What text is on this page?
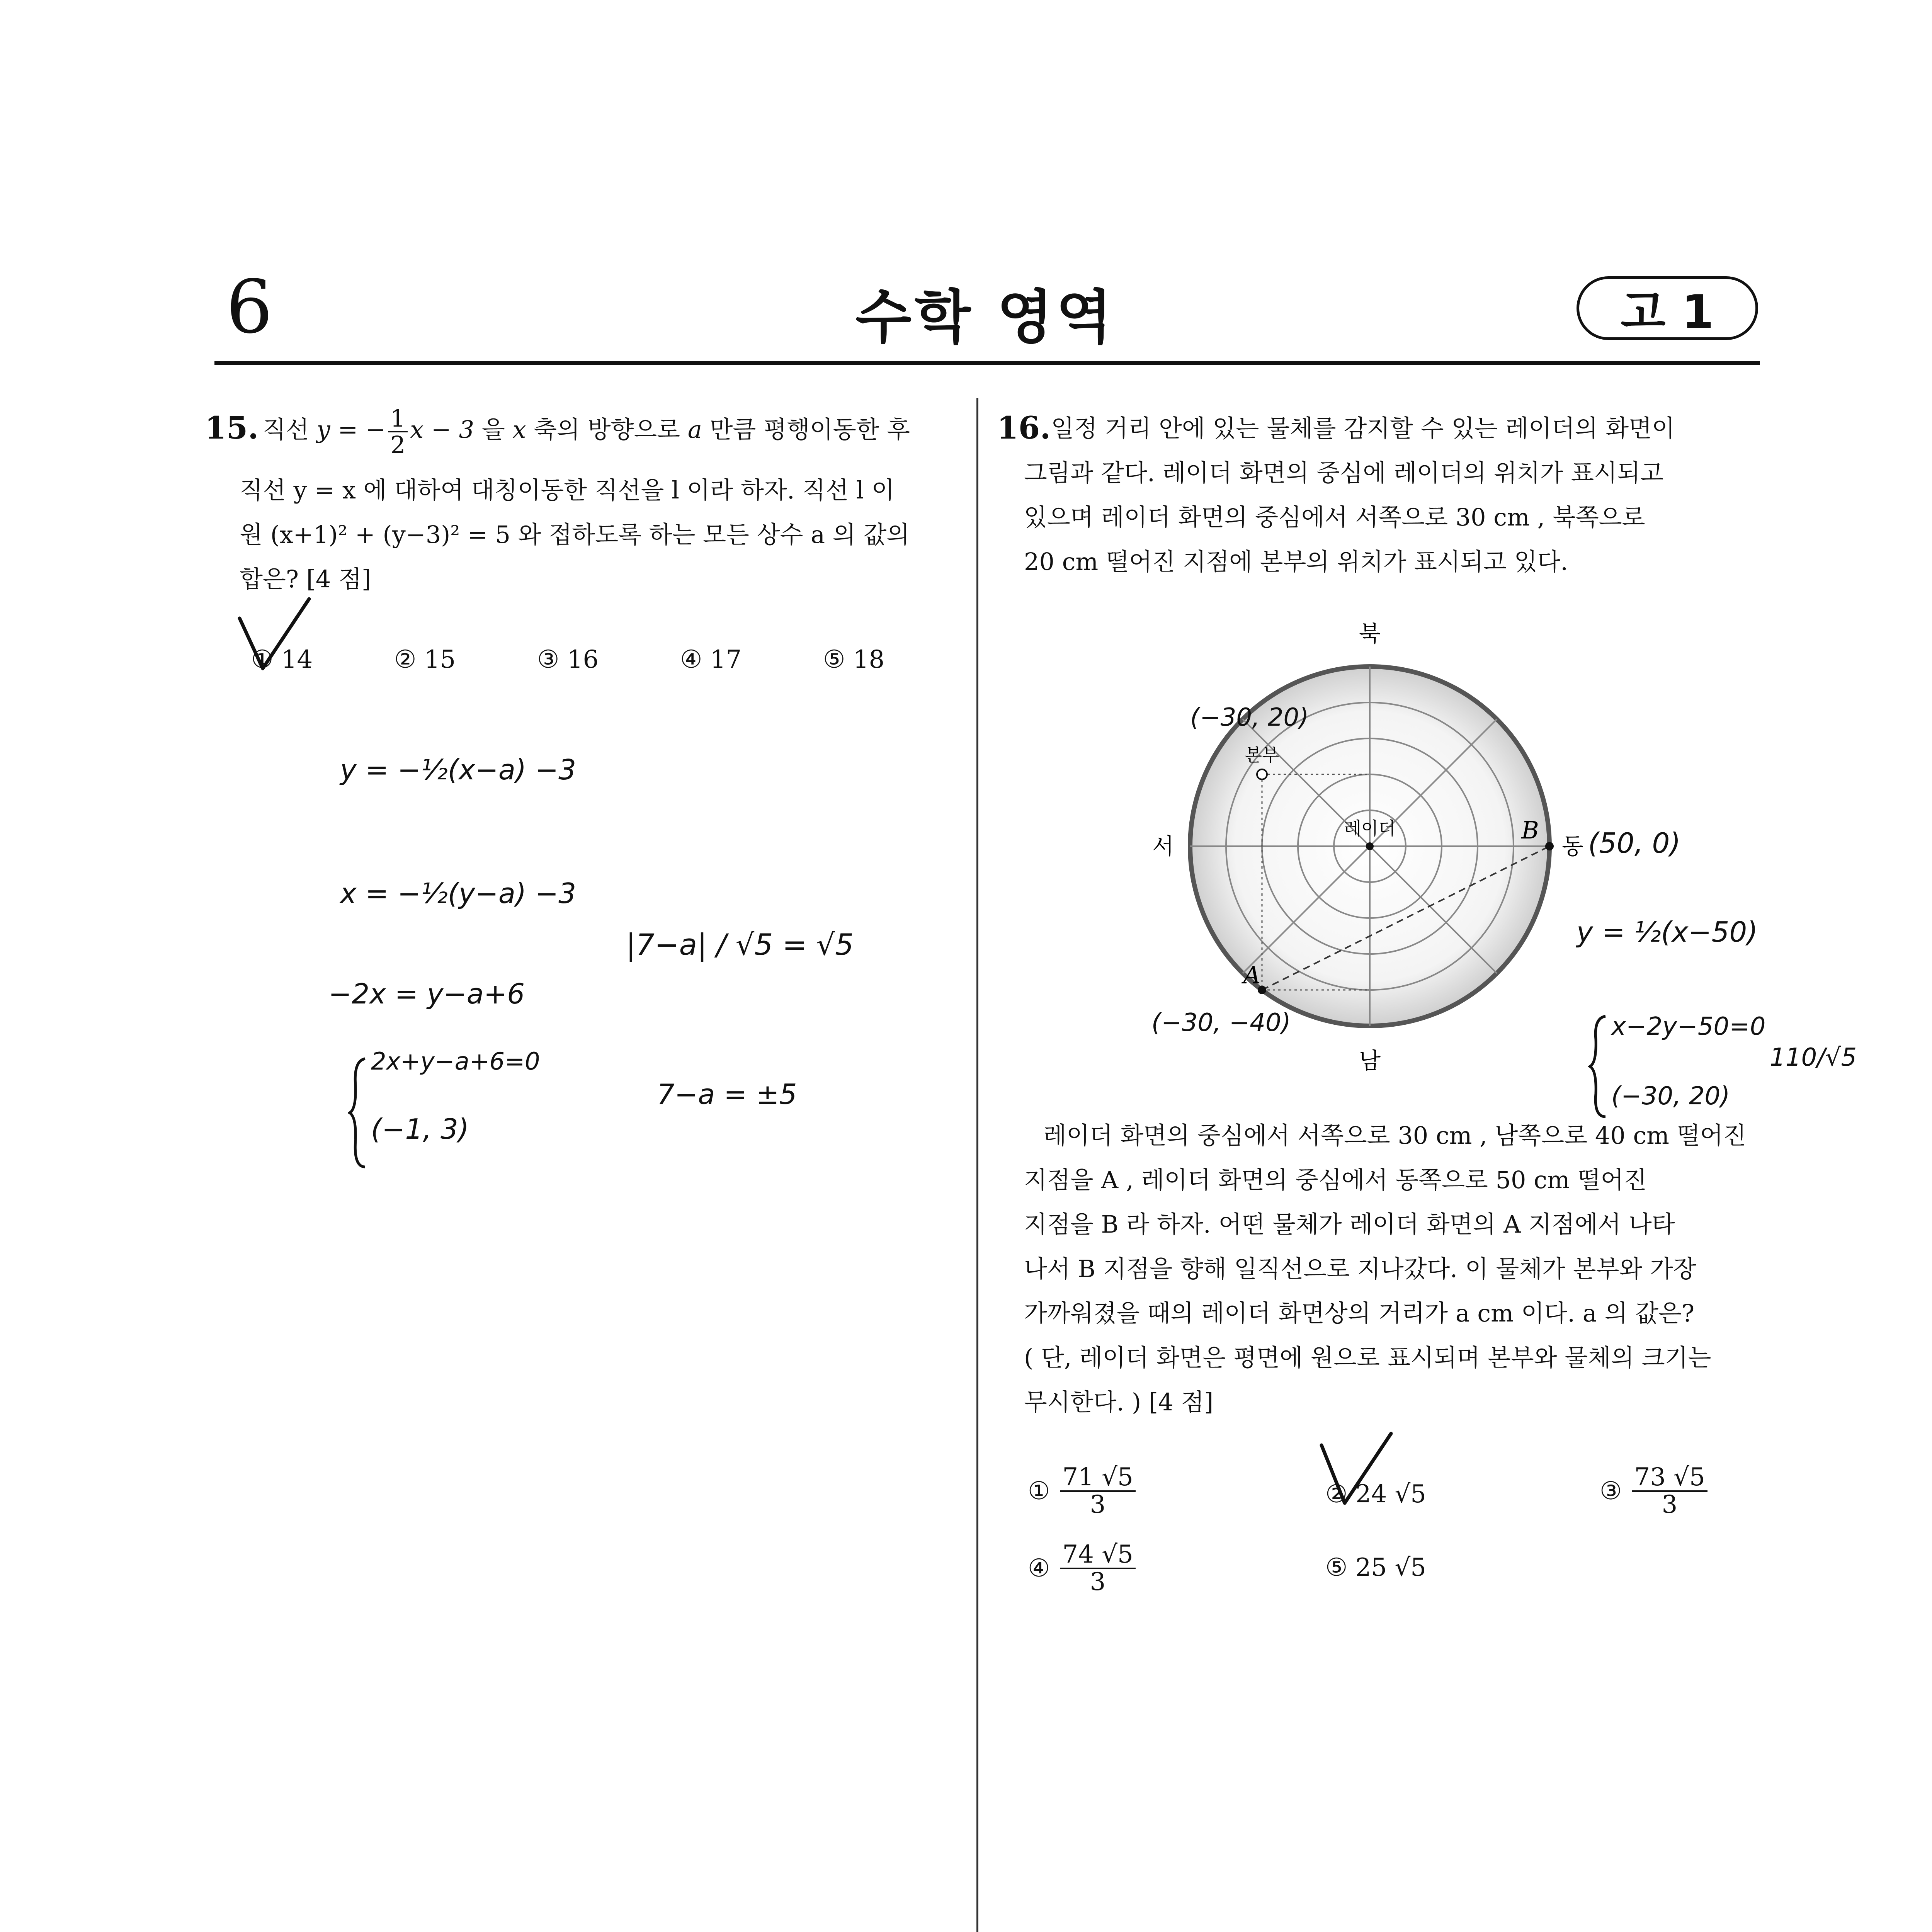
6	수학 영역	고 1
15. 직선 y = − $\frac{1}{2}$ x − 3 을 x 축의 방향으로 a 만큼 평행이동한 후
직선 y = x 에 대하여 대칭이동한 직선을 l 이라 하자. 직선 l 이
원 (x+1)² + (y−3)² = 5 와 접하도록 하는 모든 상수 a 의 값의
합은? [4 점]
① 14	② 15	③ 16	④ 17	⑤ 18
y = −½(x−a) −3
x = −½(y−a) −3
−2x = y−a+6
2x+y−a+6=0
(−1, 3)
|7−a| / √5 = √5
7−a = ±5
16. 일정 거리 안에 있는 물체를 감지할 수 있는 레이더의 화면이
그림과 같다. 레이더 화면의 중심에 레이더의 위치가 표시되고
있으며 레이더 화면의 중심에서 서쪽으로 30 cm , 북쪽으로
20 cm 떨어진 지점에 본부의 위치가 표시되고 있다.
북
남
서	동
레이더
본부
A
B
(−30, 20)
(50, 0)
(−30, −40)
y = ½(x−50)
x−2y−50=0
(−30, 20)
110/√5
레이더 화면의 중심에서 서쪽으로 30 cm , 남쪽으로 40 cm 떨어진
지점을 A , 레이더 화면의 중심에서 동쪽으로 50 cm 떨어진
지점을 B 라 하자. 어떤 물체가 레이더 화면의 A 지점에서 나타
나서 B 지점을 향해 일직선으로 지나갔다. 이 물체가 본부와 가장
가까워졌을 때의 레이더 화면상의 거리가 a cm 이다. a 의 값은?
( 단, 레이더 화면은 평면에 원으로 표시되며 본부와 물체의 크기는
무시한다. ) [4 점]
① $\frac{71 √5}{3}$	② 24 √5	③ $\frac{73 √5}{3}$
④ $\frac{74 √5}{3}$	⑤ 25 √5
